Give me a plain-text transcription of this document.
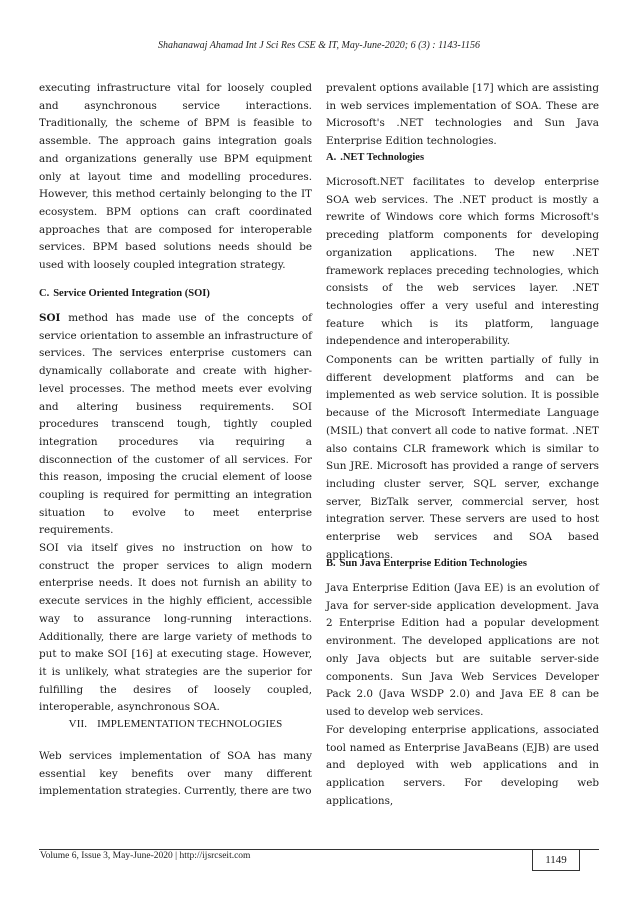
Shahanawaj Ahamad Int J Sci Res CSE & IT, May-June-2020; 6 (3) : 1143-1156

executing infrastructure vital for loosely coupled and asynchronous service interactions. Traditionally, the scheme of BPM is feasible to assemble. The approach gains integration goals and organizations generally use BPM equipment only at layout time and modelling procedures. However, this method certainly belonging to the IT ecosystem. BPM options can craft coordinated approaches that are composed for interoperable services. BPM based solutions needs should be used with loosely coupled integration strategy.

C. Service Oriented Integration (SOI)

SOI method has made use of the concepts of service orientation to assemble an infrastructure of services. The services enterprise customers can dynamically collaborate and create with higher-level processes. The method meets ever evolving and altering business requirements. SOI procedures transcend tough, tightly coupled integration procedures via requiring a disconnection of the customer of all services. For this reason, imposing the crucial element of loose coupling is required for permitting an integration situation to evolve to meet enterprise requirements.

SOI via itself gives no instruction on how to construct the proper services to align modern enterprise needs. It does not furnish an ability to execute services in the highly efficient, accessible way to assurance long-running interactions. Additionally, there are large variety of methods to put to make SOI [16] at executing stage. However, it is unlikely, what strategies are the superior for fulfilling the desires of loosely coupled, interoperable, asynchronous SOA.

VII. IMPLEMENTATION TECHNOLOGIES

Web services implementation of SOA has many essential key benefits over many different implementation strategies. Currently, there are two

prevalent options available [17] which are assisting in web services implementation of SOA. These are Microsoft's .NET technologies and Sun Java Enterprise Edition technologies.

A. .NET Technologies

Microsoft.NET facilitates to develop enterprise SOA web services. The .NET product is mostly a rewrite of Windows core which forms Microsoft's preceding platform components for developing organization applications. The new .NET framework replaces preceding technologies, which consists of the web services layer. .NET technologies offer a very useful and interesting feature which is its platform, language independence and interoperability.

Components can be written partially of fully in different development platforms and can be implemented as web service solution. It is possible because of the Microsoft Intermediate Language (MSIL) that convert all code to native format. .NET also contains CLR framework which is similar to Sun JRE. Microsoft has provided a range of servers including cluster server, SQL server, exchange server, BizTalk server, commercial server, host integration server. These servers are used to host enterprise web services and SOA based applications.

B. Sun Java Enterprise Edition Technologies

Java Enterprise Edition (Java EE) is an evolution of Java for server-side application development. Java 2 Enterprise Edition had a popular development environment. The developed applications are not only Java objects but are suitable server-side components. Sun Java Web Services Developer Pack 2.0 (Java WSDP 2.0) and Java EE 8 can be used to develop web services.

For developing enterprise applications, associated tool named as Enterprise JavaBeans (EJB) are used and deployed with web applications and in application servers. For developing web applications,

Volume 6, Issue 3, May-June-2020 | http://ijsrcseit.com	1149
